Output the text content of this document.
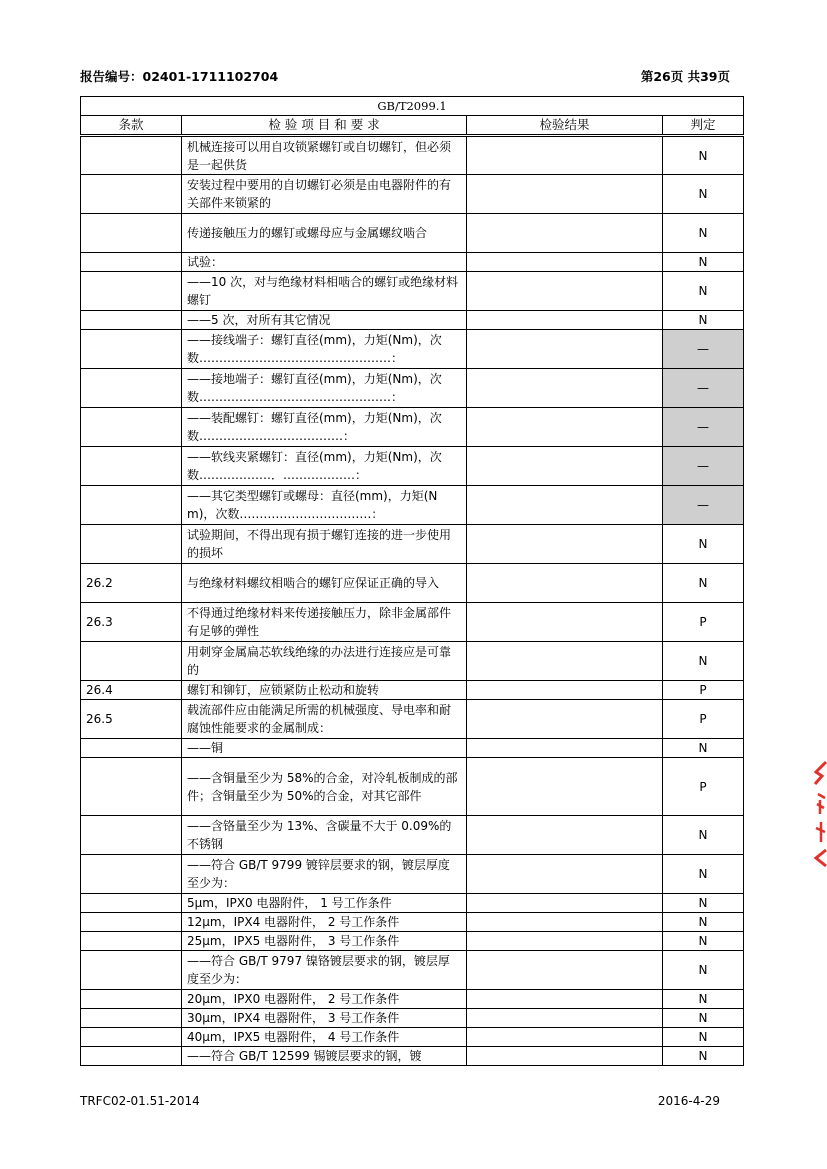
报告编号：02401-1711102704	第26页 共39页
GB/T2099.1			
条款	检 验 项 目 和 要 求	检验结果	判定
	机械连接可以用自攻锁紧螺钉或自切螺钉，但必须是一起供货		N
	安装过程中要用的自切螺钉必须是由电器附件的有关部件来锁紧的		N
	传递接触压力的螺钉或螺母应与金属螺纹啮合		N
	试验：		N
	——10 次，对与绝缘材料相啮合的螺钉或绝缘材料螺钉		N
	——5 次，对所有其它情况		N
	——接线端子：螺钉直径(mm)，力矩(Nm)，次数…………………………………………：		—
	——接地端子：螺钉直径(mm)，力矩(Nm)，次数…………………………………………：		—
	——装配螺钉：螺钉直径(mm)，力矩(Nm)，次数………………………………：		—
	——软线夹紧螺钉：直径(mm)，力矩(Nm)，次数………………．………………：		—
	——其它类型螺钉或螺母：直径(mm)，力矩(Nm)，次数……………………………：		—
	试验期间，不得出现有损于螺钉连接的进一步使用的损坏		N
26.2	与绝缘材料螺纹相啮合的螺钉应保证正确的导入		N
26.3	不得通过绝缘材料来传递接触压力，除非金属部件有足够的弹性		P
	用刺穿金属扁芯软线绝缘的办法进行连接应是可靠的		N
26.4	螺钉和铆钉，应锁紧防止松动和旋转		P
26.5	载流部件应由能满足所需的机械强度、导电率和耐腐蚀性能要求的金属制成：		P
	——铜		N
	——含铜量至少为 58%的合金，对冷轧板制成的部件；含铜量至少为 50%的合金，对其它部件		P
	——含铬量至少为 13%、含碳量不大于 0.09%的不锈钢		N
	——符合 GB/T 9799 镀锌层要求的钢，镀层厚度至少为：		N
	5μm，IPX0 电器附件， 1 号工作条件		N
	12μm，IPX4 电器附件， 2 号工作条件		N
	25μm，IPX5 电器附件， 3 号工作条件		N
	——符合 GB/T 9797 镍铬镀层要求的钢，镀层厚度至少为：		N
	20μm，IPX0 电器附件， 2 号工作条件		N
	30μm，IPX4 电器附件， 3 号工作条件		N
	40μm，IPX5 电器附件， 4 号工作条件		N
	——符合 GB/T 12599 锡镀层要求的钢，镀		N
TRFC02-01.51-2014	2016-4-29
